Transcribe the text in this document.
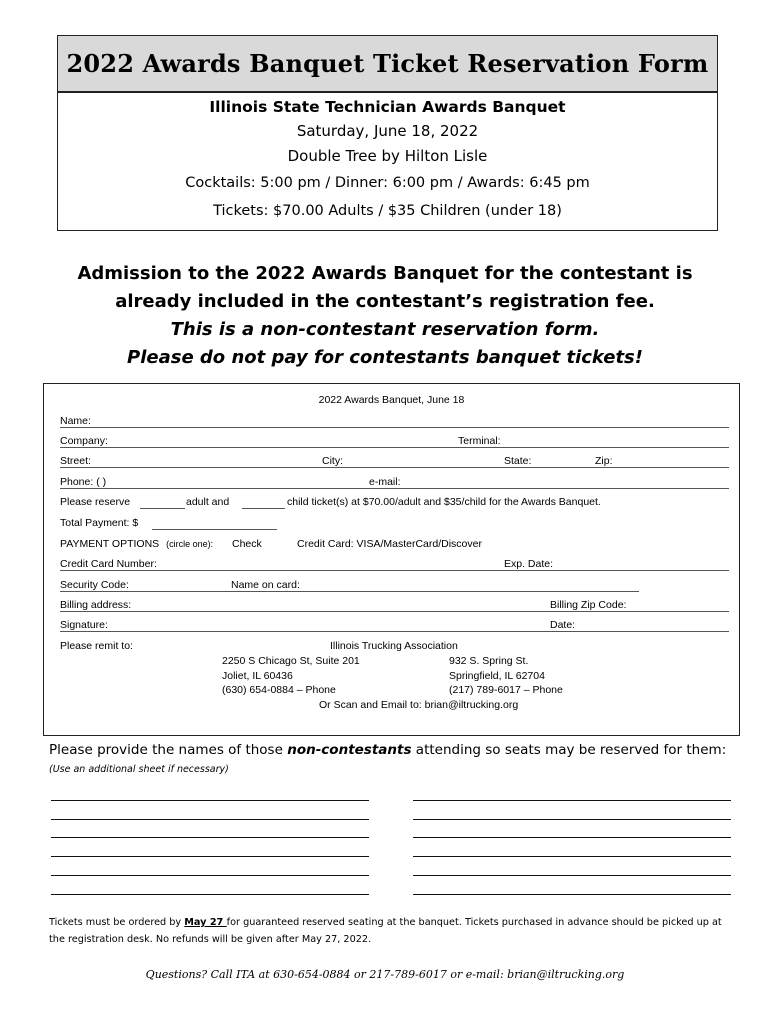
2022 Awards Banquet Ticket Reservation Form
Illinois State Technician Awards Banquet
Saturday, June 18, 2022
Double Tree by Hilton Lisle
Cocktails: 5:00 pm / Dinner: 6:00 pm / Awards: 6:45 pm
Tickets: $70.00 Adults / $35 Children (under 18)
Admission to the 2022 Awards Banquet for the contestant is
already included in the contestant’s registration fee.
This is a non-contestant reservation form.
Please do not pay for contestants banquet tickets!
2022 Awards Banquet, June 18
Name:
Company:	Terminal:
Street:	City:	State:	Zip:
Phone: ( )	e-mail:
Please reserve	adult and	child ticket(s) at $70.00/adult and $35/child for the Awards Banquet.
Total Payment: $
PAYMENT OPTIONS (circle one): Check	Credit Card: VISA/MasterCard/Discover
Credit Card Number:	Exp. Date:
Security Code:	Name on card:
Billing address:	Billing Zip Code:
Signature:	Date:
Please remit to:	Illinois Trucking Association
2250 S Chicago St, Suite 201
Joliet, IL 60436
(630) 654-0884 – Phone
932 S. Spring St.
Springfield, IL 62704
(217) 789-6017 – Phone
Or Scan and Email to: brian@iltrucking.org
Please provide the names of those non-contestants attending so seats may be reserved for them:
(Use an additional sheet if necessary)
Tickets must be ordered by May 27 for guaranteed reserved seating at the banquet. Tickets purchased in advance should be picked up at the registration desk. No refunds will be given after May 27, 2022.
Questions? Call ITA at 630-654-0884 or 217-789-6017 or e-mail: brian@iltrucking.org
